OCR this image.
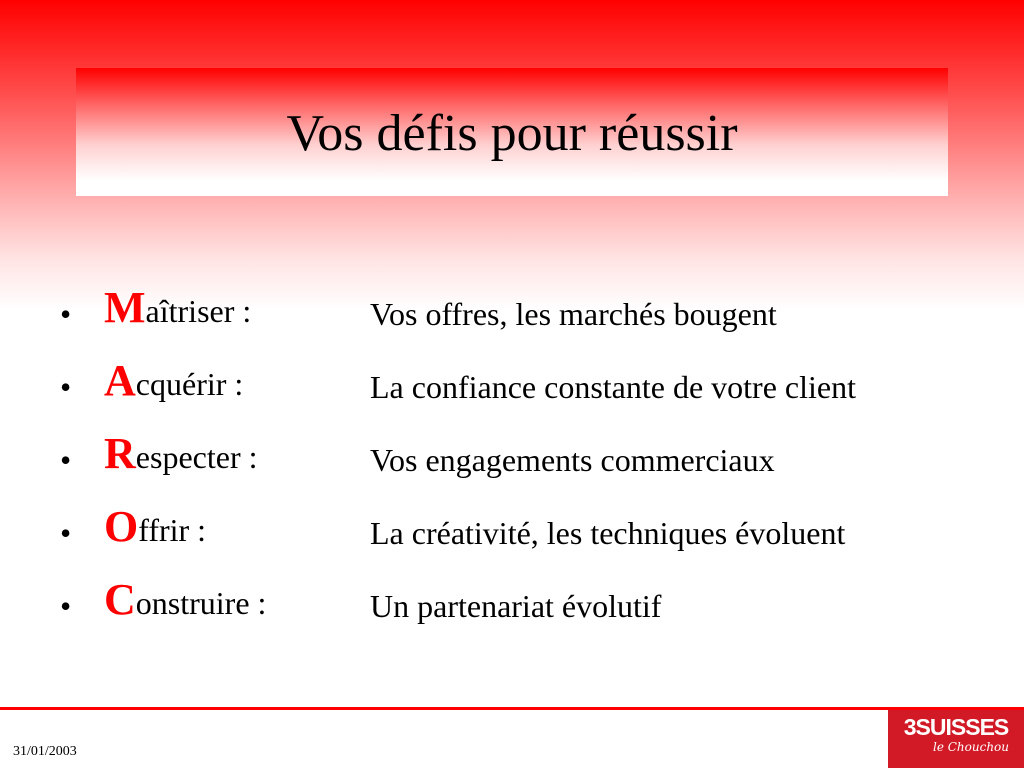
Vos défis pour réussir
• Maîtriser :	Vos offres, les marchés bougent
• Acquérir :	La confiance constante de votre client
• Respecter :	Vos engagements commerciaux
• Offrir :	La créativité, les techniques évoluent
• Construire :	Un partenariat évolutif
31/01/2003
3SUISSES
le Chouchou
